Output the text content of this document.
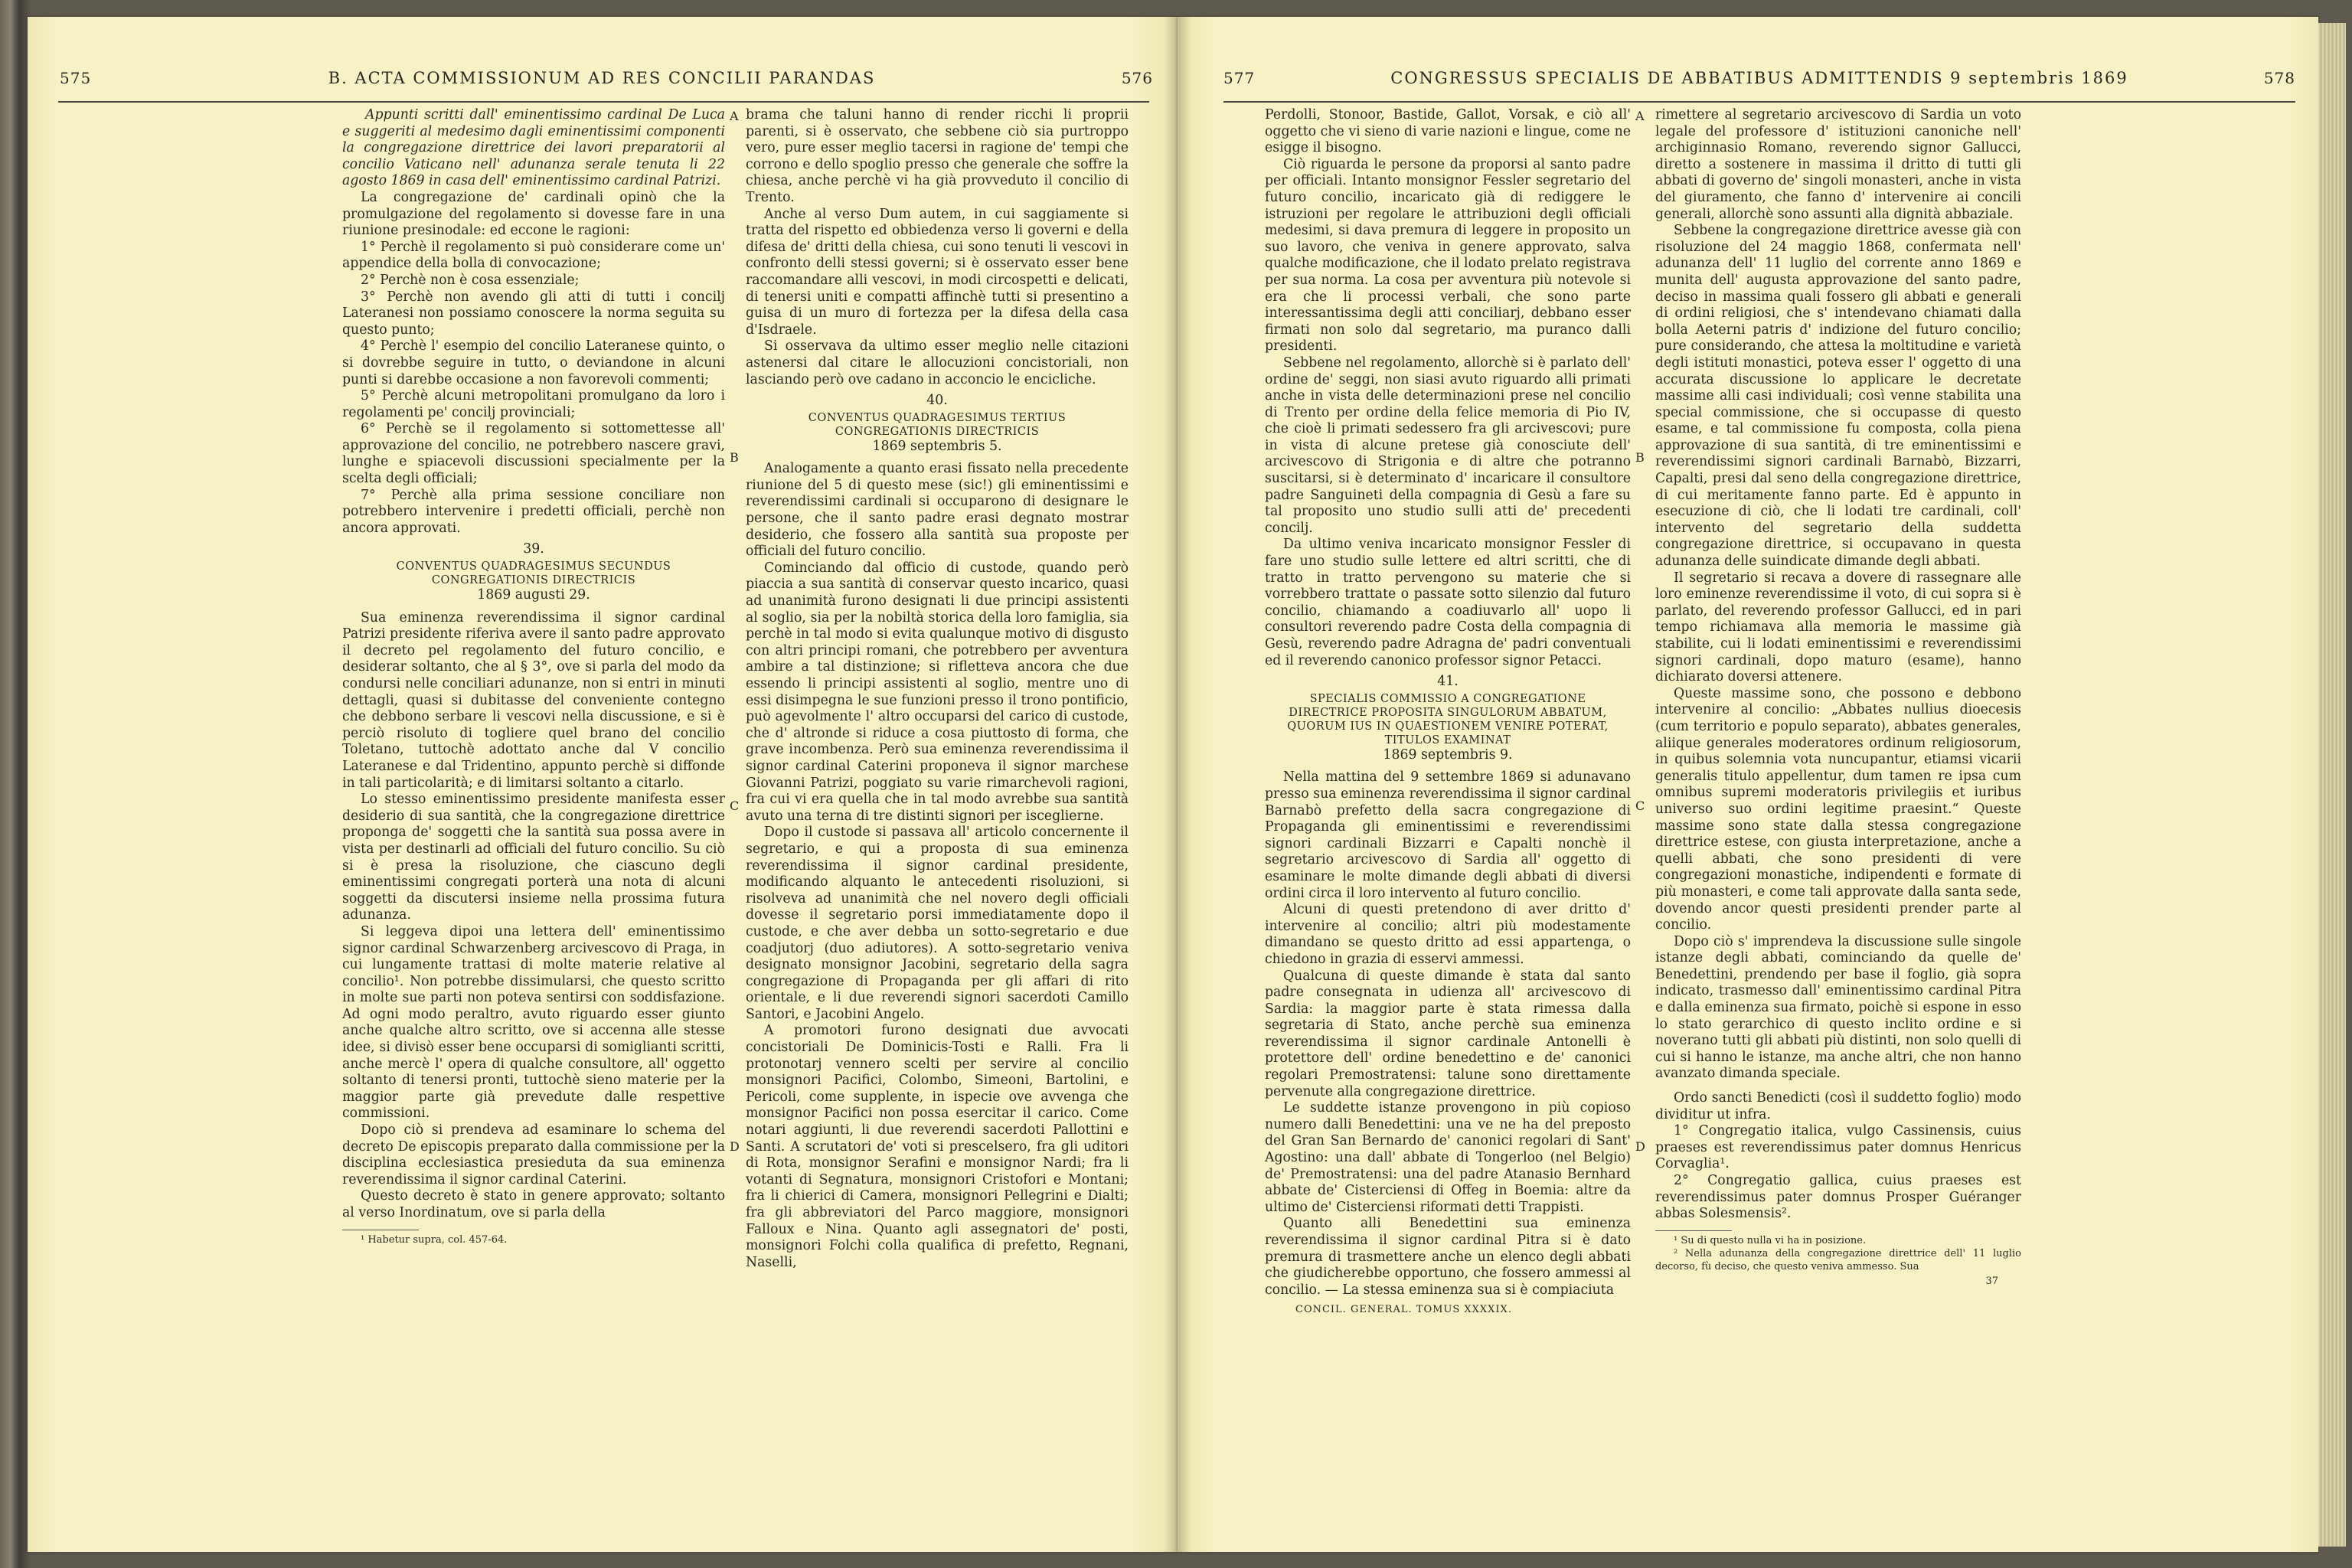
575	B. ACTA COMMISSIONUM AD RES CONCILII PARANDAS	576	577	CONGRESSUS SPECIALIS DE ABBATIBUS ADMITTENDIS 9 septembris 1869	578

Appunti scritti dall' eminentissimo cardinal De Luca e suggeriti al medesimo dagli eminentissimi componenti la congregazione direttrice dei lavori preparatorii al concilio Vaticano nell' adunanza serale tenuta li 22 agosto 1869 in casa dell' eminentissimo cardinal Patrizi.

La congregazione de' cardinali opinò che la promulgazione del regolamento si dovesse fare in una riunione presinodale: ed eccone le ragioni:

1° Perchè il regolamento si può considerare come un' appendice della bolla di convocazione;

2° Perchè non è cosa essenziale;

3° Perchè non avendo gli atti di tutti i concilj Lateranesi non possiamo conoscere la norma seguita su questo punto;

4° Perchè l' esempio del concilio Lateranese quinto, o si dovrebbe seguire in tutto, o deviandone in alcuni punti si darebbe occasione a non favorevoli commenti;

5° Perchè alcuni metropolitani promulgano da loro i regolamenti pe' concilj provinciali;

6° Perchè se il regolamento si sottomettesse all' approvazione del concilio, ne potrebbero nascere gravi, lunghe e spiacevoli discussioni specialmente per la scelta degli officiali;

7° Perchè alla prima sessione conciliare non potrebbero intervenire i predetti officiali, perchè non ancora approvati.

39.

CONVENTUS QUADRAGESIMUS SECUNDUS CONGREGATIONIS DIRECTRICIS

1869 augusti 29.

Sua eminenza reverendissima il signor cardinal Patrizi presidente riferiva avere il santo padre approvato il decreto pel regolamento del futuro concilio, e desiderar soltanto, che al § 3°, ove si parla del modo da condursi nelle conciliari adunanze, non si entri in minuti dettagli, quasi si dubitasse del conveniente contegno che debbono serbare li vescovi nella discussione, e si è perciò risoluto di togliere quel brano del concilio Toletano, tuttochè adottato anche dal V concilio Lateranese e dal Tridentino, appunto perchè si diffonde in tali particolarità; e di limitarsi soltanto a citarlo.

Lo stesso eminentissimo presidente manifesta esser desiderio di sua santità, che la congregazione direttrice proponga de' soggetti che la santità sua possa avere in vista per destinarli ad officiali del futuro concilio. Su ciò si è presa la risoluzione, che ciascuno degli eminentissimi congregati porterà una nota di alcuni soggetti da discutersi insieme nella prossima futura adunanza.

Si leggeva dipoi una lettera dell' eminentissimo signor cardinal Schwarzenberg arcivescovo di Praga, in cui lungamente trattasi di molte materie relative al concilio¹. Non potrebbe dissimularsi, che questo scritto in molte sue parti non poteva sentirsi con soddisfazione. Ad ogni modo peraltro, avuto riguardo esser giunto anche qualche altro scritto, ove si accenna alle stesse idee, si divisò esser bene occuparsi di somiglianti scritti, anche mercè l' opera di qualche consultore, all' oggetto soltanto di tenersi pronti, tuttochè sieno materie per la maggior parte già prevedute dalle respettive commissioni.

Dopo ciò si prendeva ad esaminare lo schema del decreto De episcopis preparato dalla commissione per la disciplina ecclesiastica presieduta da sua eminenza reverendissima il signor cardinal Caterini.

Questo decreto è stato in genere approvato; soltanto al verso Inordinatum, ove si parla della

¹ Habetur supra, col. 457-64.

brama che taluni hanno di render ricchi li proprii parenti, si è osservato, che sebbene ciò sia purtroppo vero, pure esser meglio tacersi in ragione de' tempi che corrono e dello spoglio presso che generale che soffre la chiesa, anche perchè vi ha già provveduto il concilio di Trento.

Anche al verso Dum autem, in cui saggiamente si tratta del rispetto ed obbiedenza verso li governi e della difesa de' dritti della chiesa, cui sono tenuti li vescovi in confronto delli stessi governi; si è osservato esser bene raccomandare alli vescovi, in modi circospetti e delicati, di tenersi uniti e compatti affinchè tutti si presentino a guisa di un muro di fortezza per la difesa della casa d'Isdraele.

Si osservava da ultimo esser meglio nelle citazioni astenersi dal citare le allocuzioni concistoriali, non lasciando però ove cadano in acconcio le encicliche.

40.

CONVENTUS QUADRAGESIMUS TERTIUS CONGREGATIONIS DIRECTRICIS

1869 septembris 5.

Analogamente a quanto erasi fissato nella precedente riunione del 5 di questo mese (sic!) gli eminentissimi e reverendissimi cardinali si occuparono di designare le persone, che il santo padre erasi degnato mostrar desiderio, che fossero alla santità sua proposte per officiali del futuro concilio.

Cominciando dal officio di custode, quando però piaccia a sua santità di conservar questo incarico, quasi ad unanimità furono designati li due principi assistenti al soglio, sia per la nobiltà storica della loro famiglia, sia perchè in tal modo si evita qualunque motivo di disgusto con altri principi romani, che potrebbero per avventura ambire a tal distinzione; si rifletteva ancora che due essendo li principi assistenti al soglio, mentre uno di essi disimpegna le sue funzioni presso il trono pontificio, può agevolmente l' altro occuparsi del carico di custode, che d' altronde si riduce a cosa piuttosto di forma, che grave incombenza. Però sua eminenza reverendissima il signor cardinal Caterini proponeva il signor marchese Giovanni Patrizi, poggiato su varie rimarchevoli ragioni, fra cui vi era quella che in tal modo avrebbe sua santità avuto una terna di tre distinti signori per isceglierne.

Dopo il custode si passava all' articolo concernente il segretario, e qui a proposta di sua eminenza reverendissima il signor cardinal presidente, modificando alquanto le antecedenti risoluzioni, si risolveva ad unanimità che nel novero degli officiali dovesse il segretario porsi immediatamente dopo il custode, e che aver debba un sotto-segretario e due coadjutorj (duo adiutores). A sotto-segretario veniva designato monsignor Jacobini, segretario della sagra congregazione di Propaganda per gli affari di rito orientale, e li due reverendi signori sacerdoti Camillo Santori, e Jacobini Angelo.

A promotori furono designati due avvocati concistoriali De Dominicis-Tosti e Ralli. Fra li protonotarj vennero scelti per servire al concilio monsignori Pacifici, Colombo, Simeoni, Bartolini, e Pericoli, come supplente, in ispecie ove avvenga che monsignor Pacifici non possa esercitar il carico. Come notari aggiunti, li due reverendi sacerdoti Pallottini e Santi. A scrutatori de' voti si prescelsero, fra gli uditori di Rota, monsignor Serafini e monsignor Nardi; fra li votanti di Segnatura, monsignori Cristofori e Montani; fra li chierici di Camera, monsignori Pellegrini e Dialti; fra gli abbreviatori del Parco maggiore, monsignori Falloux e Nina. Quanto agli assegnatori de' posti, monsignori Folchi colla qualifica di prefetto, Regnani, Naselli,

Perdolli, Stonoor, Bastide, Gallot, Vorsak, e ciò all' oggetto che vi sieno di varie nazioni e lingue, come ne esigge il bisogno.

Ciò riguarda le persone da proporsi al santo padre per officiali. Intanto monsignor Fessler segretario del futuro concilio, incaricato già di rediggere le istruzioni per regolare le attribuzioni degli officiali medesimi, si dava premura di leggere in proposito un suo lavoro, che veniva in genere approvato, salva qualche modificazione, che il lodato prelato registrava per sua norma. La cosa per avventura più notevole si era che li processi verbali, che sono parte interessantissima degli atti conciliarj, debbano esser firmati non solo dal segretario, ma puranco dalli presidenti.

Sebbene nel regolamento, allorchè si è parlato dell' ordine de' seggi, non siasi avuto riguardo alli primati anche in vista delle determinazioni prese nel concilio di Trento per ordine della felice memoria di Pio IV, che cioè li primati sedessero fra gli arcivescovi; pure in vista di alcune pretese già conosciute dell' arcivescovo di Strigonia e di altre che potranno suscitarsi, si è determinato d' incaricare il consultore padre Sanguineti della compagnia di Gesù a fare su tal proposito uno studio sulli atti de' precedenti concilj.

Da ultimo veniva incaricato monsignor Fessler di fare uno studio sulle lettere ed altri scritti, che di tratto in tratto pervengono su materie che si vorrebbero trattate o passate sotto silenzio dal futuro concilio, chiamando a coadiuvarlo all' uopo li consultori reverendo padre Costa della compagnia di Gesù, reverendo padre Adragna de' padri conventuali ed il reverendo canonico professor signor Petacci.

41.

SPECIALIS COMMISSIO A CONGREGATIONE DIRECTRICE PROPOSITA SINGULORUM ABBATUM, QUORUM IUS IN QUAESTIONEM VENIRE POTERAT, TITULOS EXAMINAT

1869 septembris 9.

Nella mattina del 9 settembre 1869 si adunavano presso sua eminenza reverendissima il signor cardinal Barnabò prefetto della sacra congregazione di Propaganda gli eminentissimi e reverendissimi signori cardinali Bizzarri e Capalti nonchè il segretario arcivescovo di Sardia all' oggetto di esaminare le molte dimande degli abbati di diversi ordini circa il loro intervento al futuro concilio.

Alcuni di questi pretendono di aver dritto d' intervenire al concilio; altri più modestamente dimandano se questo dritto ad essi appartenga, o chiedono in grazia di esservi ammessi.

Qualcuna di queste dimande è stata dal santo padre consegnata in udienza all' arcivescovo di Sardia: la maggior parte è stata rimessa dalla segretaria di Stato, anche perchè sua eminenza reverendissima il signor cardinale Antonelli è protettore dell' ordine benedettino e de' canonici regolari Premostratensi: talune sono direttamente pervenute alla congregazione direttrice.

Le suddette istanze provengono in più copioso numero dalli Benedettini: una ve ne ha del preposto del Gran San Bernardo de' canonici regolari di Sant' Agostino: una dall' abbate di Tongerloo (nel Belgio) de' Premostratensi: una del padre Atanasio Bernhard abbate de' Cisterciensi di Offeg in Boemia: altre da ultimo de' Cisterciensi riformati detti Trappisti.

Quanto alli Benedettini sua eminenza reverendissima il signor cardinal Pitra si è dato premura di trasmettere anche un elenco degli abbati che giudicherebbe opportuno, che fossero ammessi al concilio. — La stessa eminenza sua si è compiaciuta

CONCIL. GENERAL. TOMUS XXXXIX.

rimettere al segretario arcivescovo di Sardia un voto legale del professore d' istituzioni canoniche nell' archiginnasio Romano, reverendo signor Gallucci, diretto a sostenere in massima il dritto di tutti gli abbati di governo de' singoli monasteri, anche in vista del giuramento, che fanno d' intervenire ai concili generali, allorchè sono assunti alla dignità abbaziale.

Sebbene la congregazione direttrice avesse già con risoluzione del 24 maggio 1868, confermata nell' adunanza dell' 11 luglio del corrente anno 1869 e munita dell' augusta approvazione del santo padre, deciso in massima quali fossero gli abbati e generali di ordini religiosi, che s' intendevano chiamati dalla bolla Aeterni patris d' indizione del futuro concilio; pure considerando, che attesa la moltitudine e varietà degli istituti monastici, poteva esser l' oggetto di una accurata discussione lo applicare le decretate massime alli casi individuali; così venne stabilita una special commissione, che si occupasse di questo esame, e tal commissione fu composta, colla piena approvazione di sua santità, di tre eminentissimi e reverendissimi signori cardinali Barnabò, Bizzarri, Capalti, presi dal seno della congregazione direttrice, di cui meritamente fanno parte. Ed è appunto in esecuzione di ciò, che li lodati tre cardinali, coll' intervento del segretario della suddetta congregazione direttrice, si occupavano in questa adunanza delle suindicate dimande degli abbati.

Il segretario si recava a dovere di rassegnare alle loro eminenze reverendissime il voto, di cui sopra si è parlato, del reverendo professor Gallucci, ed in pari tempo richiamava alla memoria le massime già stabilite, cui li lodati eminentissimi e reverendissimi signori cardinali, dopo maturo (esame), hanno dichiarato doversi attenere.

Queste massime sono, che possono e debbono intervenire al concilio: „Abbates nullius dioecesis (cum territorio e populo separato), abbates generales, aliique generales moderatores ordinum religiosorum, in quibus solemnia vota nuncupantur, etiamsi vicarii generalis titulo appellentur, dum tamen re ipsa cum omnibus supremi moderatoris privilegiis et iuribus universo suo ordini legitime praesint.“ Queste massime sono state dalla stessa congregazione direttrice estese, con giusta interpretazione, anche a quelli abbati, che sono presidenti di vere congregazioni monastiche, indipendenti e formate di più monasteri, e come tali approvate dalla santa sede, dovendo ancor questi presidenti prender parte al concilio.

Dopo ciò s' imprendeva la discussione sulle singole istanze degli abbati, cominciando da quelle de' Benedettini, prendendo per base il foglio, già sopra indicato, trasmesso dall' eminentissimo cardinal Pitra e dalla eminenza sua firmato, poichè si espone in esso lo stato gerarchico di questo inclito ordine e si noverano tutti gli abbati più distinti, non solo quelli di cui si hanno le istanze, ma anche altri, che non hanno avanzato dimanda speciale.

Ordo sancti Benedicti (così il suddetto foglio) modo dividitur ut infra.

1° Congregatio italica, vulgo Cassinensis, cuius praeses est reverendissimus pater domnus Henricus Corvaglia¹.

2° Congregatio gallica, cuius praeses est reverendissimus pater domnus Prosper Guéranger abbas Solesmensis².

¹ Su di questo nulla vi ha in posizione.

² Nella adunanza della congregazione direttrice dell' 11 luglio decorso, fù deciso, che questo veniva ammesso. Sua

37

A
B
C
D
A
B
C
D
